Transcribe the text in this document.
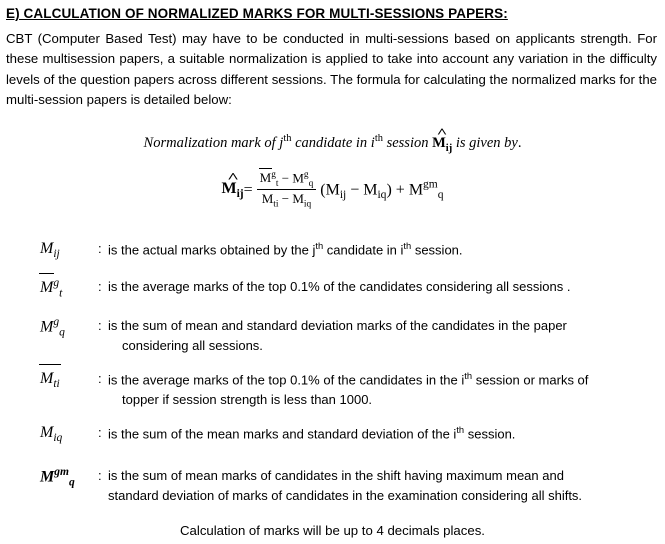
E) CALCULATION OF NORMALIZED MARKS FOR MULTI-SESSIONS PAPERS:

CBT (Computer Based Test) may have to be conducted in multi-sessions based on applicants strength. For these multisession papers, a suitable normalization is applied to take into account any variation in the difficulty levels of the question papers across different sessions. The formula for calculating the normalized marks for the multi-session papers is detailed below:

Normalization mark of $j^{th}$ candidate in $i^{th}$ session ^ $M_{ij}$ is given by.
^ $M_{ij}= \frac{M^g_t - M^g_q}{M_{ti} - M_{iq}} (M_{ij} - M_{iq}) + M^{gm}_q$
$M_{ij}$	: is the actual marks obtained by the $j^{th}$ candidate in $i^{th}$ session.
$M^g_t$	: is the average marks of the top 0.1% of the candidates considering all sessions .
$M^g_q$	: is the sum of mean and standard deviation marks of the candidates in the paper
considering all sessions.
$M_{ti}$	: is the average marks of the top 0.1% of the candidates in the $i^{th}$ session or marks of
topper if session strength is less than 1000.
$M_{iq}$	: is the sum of the mean marks and standard deviation of the $i^{th}$ session.
$M^{gm}_q$	: is the sum of mean marks of candidates in the shift having maximum mean and
standard deviation of marks of candidates in the examination considering all shifts.
Calculation of marks will be up to 4 decimals places.
